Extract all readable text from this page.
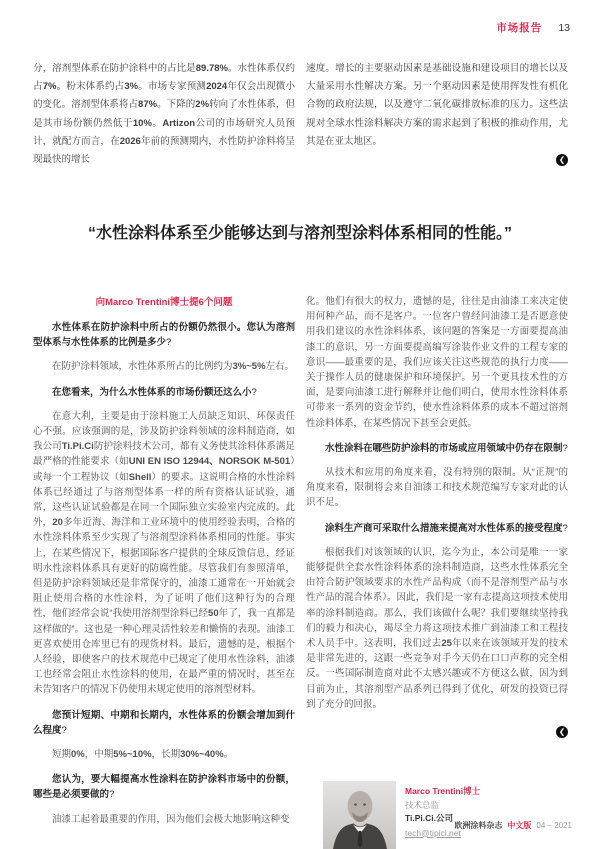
市场报告 13

分，溶剂型体系在防护涂料中的占比是89.78%。水性体系仅约占7%。粉末体系约占3%。市场专家预测2024年仅会出现微小的变化。溶剂型体系将占87%。下降的2%转向了水性体系，但是其市场份额仍然低于10%。Artizon公司的市场研究人员预计，就配方而言，在2026年前的预测期内，水性防护涂料将呈现最快的增长

速度。增长的主要驱动因素是基础设施和建设项目的增长以及大量采用水性解决方案。另一个驱动因素是使用挥发性有机化合物的政府法规，以及遵守二氧化碳排放标准的压力。这些法规对全球水性涂料解决方案的需求起到了积极的推动作用，尤其是在亚太地区。

❮
“水性涂料体系至少能够达到与溶剂型涂料体系相同的性能。”
向Marco Trentini博士提6个问题

水性体系在防护涂料中所占的份额仍然很小。您认为溶剂型体系与水性体系的比例是多少?

在防护涂料领域，水性体系所占的比例约为3%~5%左右。

在您看来，为什么水性体系的市场份额还这么小?

在意大利，主要是由于涂料施工人员缺乏知识、环保责任心不强。应该强调的是，涉及防护涂料领域的涂料制造商，如我公司Ti.Pi.Ci防护涂料技术公司，都有义务使其涂料体系满足最严格的性能要求（如UNI EN ISO 12944、NORSOK M-501）或每一个工程协议（如Shell）的要求。这说明合格的水性涂料体系已经通过了与溶剂型体系一样的所有资格认证试验，通常，这些认证试验都是在同一个国际独立实验室内完成的。此外，20多年近海、海洋和工业环境中的使用经验表明，合格的水性涂料体系至少实现了与溶剂型涂料体系相同的性能。事实上，在某些情况下，根据国际客户提供的全球反馈信息，经证明水性涂料体系具有更好的防腐性能。尽管我们有参照清单，但是防护涂料领域还是非常保守的，油漆工通常在一开始就会阻止使用合格的水性涂料，为了证明了他们这种行为的合理性，他们经常会说“我使用溶剂型涂料已经50年了，我一直都是这样做的”。这也是一种心理灵活性较差和懒惰的表现。油漆工更喜欢使用仓库里已有的现货材料。最后，遗憾的是，根据个人经验，即使客户的技术规范中已规定了使用水性涂料，油漆工也经常会阻止水性涂料的使用，在最严重的情况时，甚至在未告知客户的情况下仍使用未规定使用的溶剂型材料。

您预计短期、中期和长期内，水性体系的份额会增加到什么程度?

短期0%，中期5%~10%，长期30%~40%。

您认为，要大幅提高水性涂料在防护涂料市场中的份额，哪些是必须要做的?

油漆工起着最重要的作用，因为他们会极大地影响这种变

化。他们有很大的权力，遗憾的是，往往是由油漆工来决定使用何种产品，而不是客户。一位客户曾经问油漆工是否愿意使用我们建议的水性涂料体系，该问题的答案是一方面要提高油漆工的意识，另一方面要提高编写涂装作业文件的工程专家的意识——最重要的是，我们应该关注这些规范的执行力度——关于操作人员的健康保护和环境保护。另一个更具技术性的方面，是要向油漆工进行解释并让他们明白，使用水性涂料体系可带来一系列的资金节约，使水性涂料体系的成本不超过溶剂性涂料体系，在某些情况下甚至会更低。

水性涂料在哪些防护涂料的市场或应用领域中仍存在限制?

从技术和应用的角度来看，没有特别的限制。从“正规”的角度来看，限制将会来自油漆工和技术规范编写专家对此的认识不足。

涂料生产商可采取什么措施来提高对水性体系的接受程度?

根据我们对该领域的认识，迄今为止，本公司是唯一一家能够提供全套水性涂料体系的涂料制造商，这些水性体系完全由符合防护领域要求的水性产品构成（而不是溶剂型产品与水性产品的混合体系）。因此，我们是一家有志提高这项技术使用率的涂料制造商。那么，我们该做什么呢？我们要继续坚持我们的毅力和决心，竭尽全力将这项技术推广到油漆工和工程技术人员手中。这表明，我们过去25年以来在该领域开发的技术是非常先进的，这跟一些竞争对手今天仍在口口声称的完全相反。一些国际制造商对此不太感兴趣或不方便这么做，因为到目前为止，其溶剂型产品系列已得到了优化，研发的投资已得到了充分的回报。

❮
Marco Trentini博士
技术总监
Ti.Pi.Ci.公司
tech@tipici.net
欧洲涂料杂志 中文版 04 – 2021
